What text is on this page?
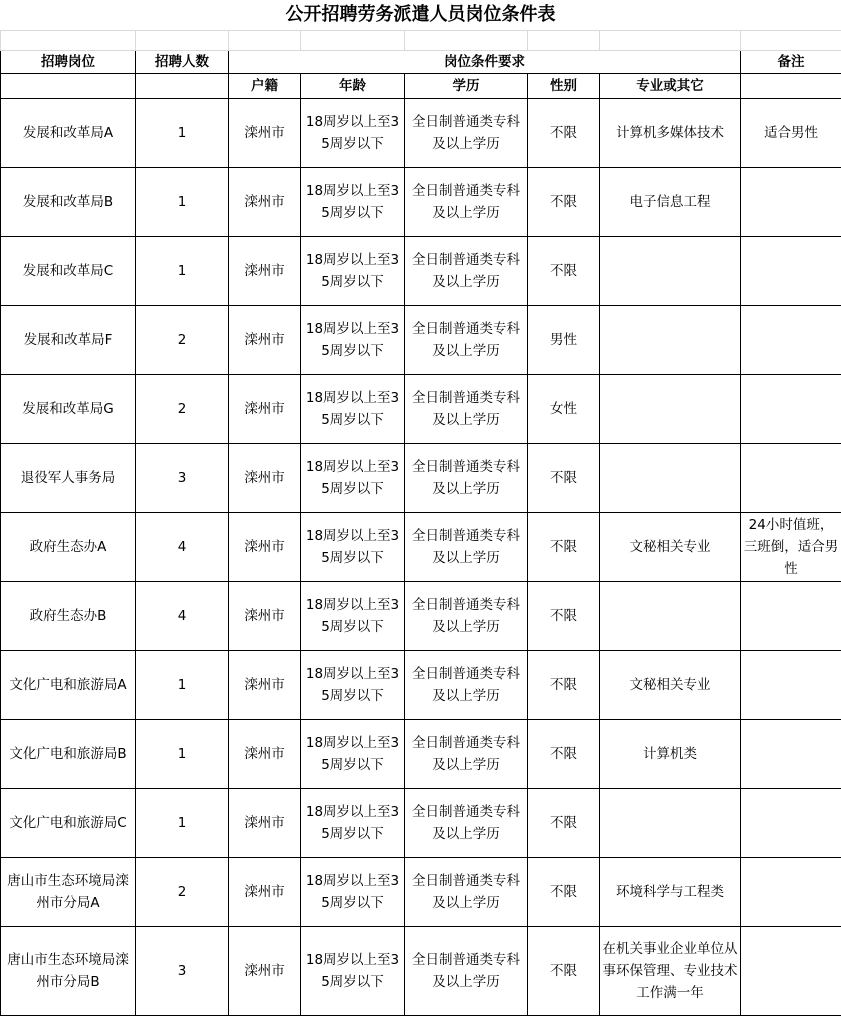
公开招聘劳务派遣人员岗位条件表

招聘岗位	招聘人数	岗位条件要求					备注
		户籍	年龄	学历	性别	专业或其它	
发展和改革局A	1	滦州市	18周岁以上至35周岁以下	全日制普通类专科及以上学历	不限	计算机多媒体技术	适合男性
发展和改革局B	1	滦州市	18周岁以上至35周岁以下	全日制普通类专科及以上学历	不限	电子信息工程	
发展和改革局C	1	滦州市	18周岁以上至35周岁以下	全日制普通类专科及以上学历	不限		
发展和改革局F	2	滦州市	18周岁以上至35周岁以下	全日制普通类专科及以上学历	男性		
发展和改革局G	2	滦州市	18周岁以上至35周岁以下	全日制普通类专科及以上学历	女性		
退役军人事务局	3	滦州市	18周岁以上至35周岁以下	全日制普通类专科及以上学历	不限		
政府生态办A	4	滦州市	18周岁以上至35周岁以下	全日制普通类专科及以上学历	不限	文秘相关专业	24小时值班，三班倒，适合男性
政府生态办B	4	滦州市	18周岁以上至35周岁以下	全日制普通类专科及以上学历	不限		
文化广电和旅游局A	1	滦州市	18周岁以上至35周岁以下	全日制普通类专科及以上学历	不限	文秘相关专业	
文化广电和旅游局B	1	滦州市	18周岁以上至35周岁以下	全日制普通类专科及以上学历	不限	计算机类	
文化广电和旅游局C	1	滦州市	18周岁以上至35周岁以下	全日制普通类专科及以上学历	不限		
唐山市生态环境局滦州市分局A	2	滦州市	18周岁以上至35周岁以下	全日制普通类专科及以上学历	不限	环境科学与工程类	
唐山市生态环境局滦州市分局B	3	滦州市	18周岁以上至35周岁以下	全日制普通类专科及以上学历	不限	在机关事业企业单位从事环保管理、专业技术工作满一年	
